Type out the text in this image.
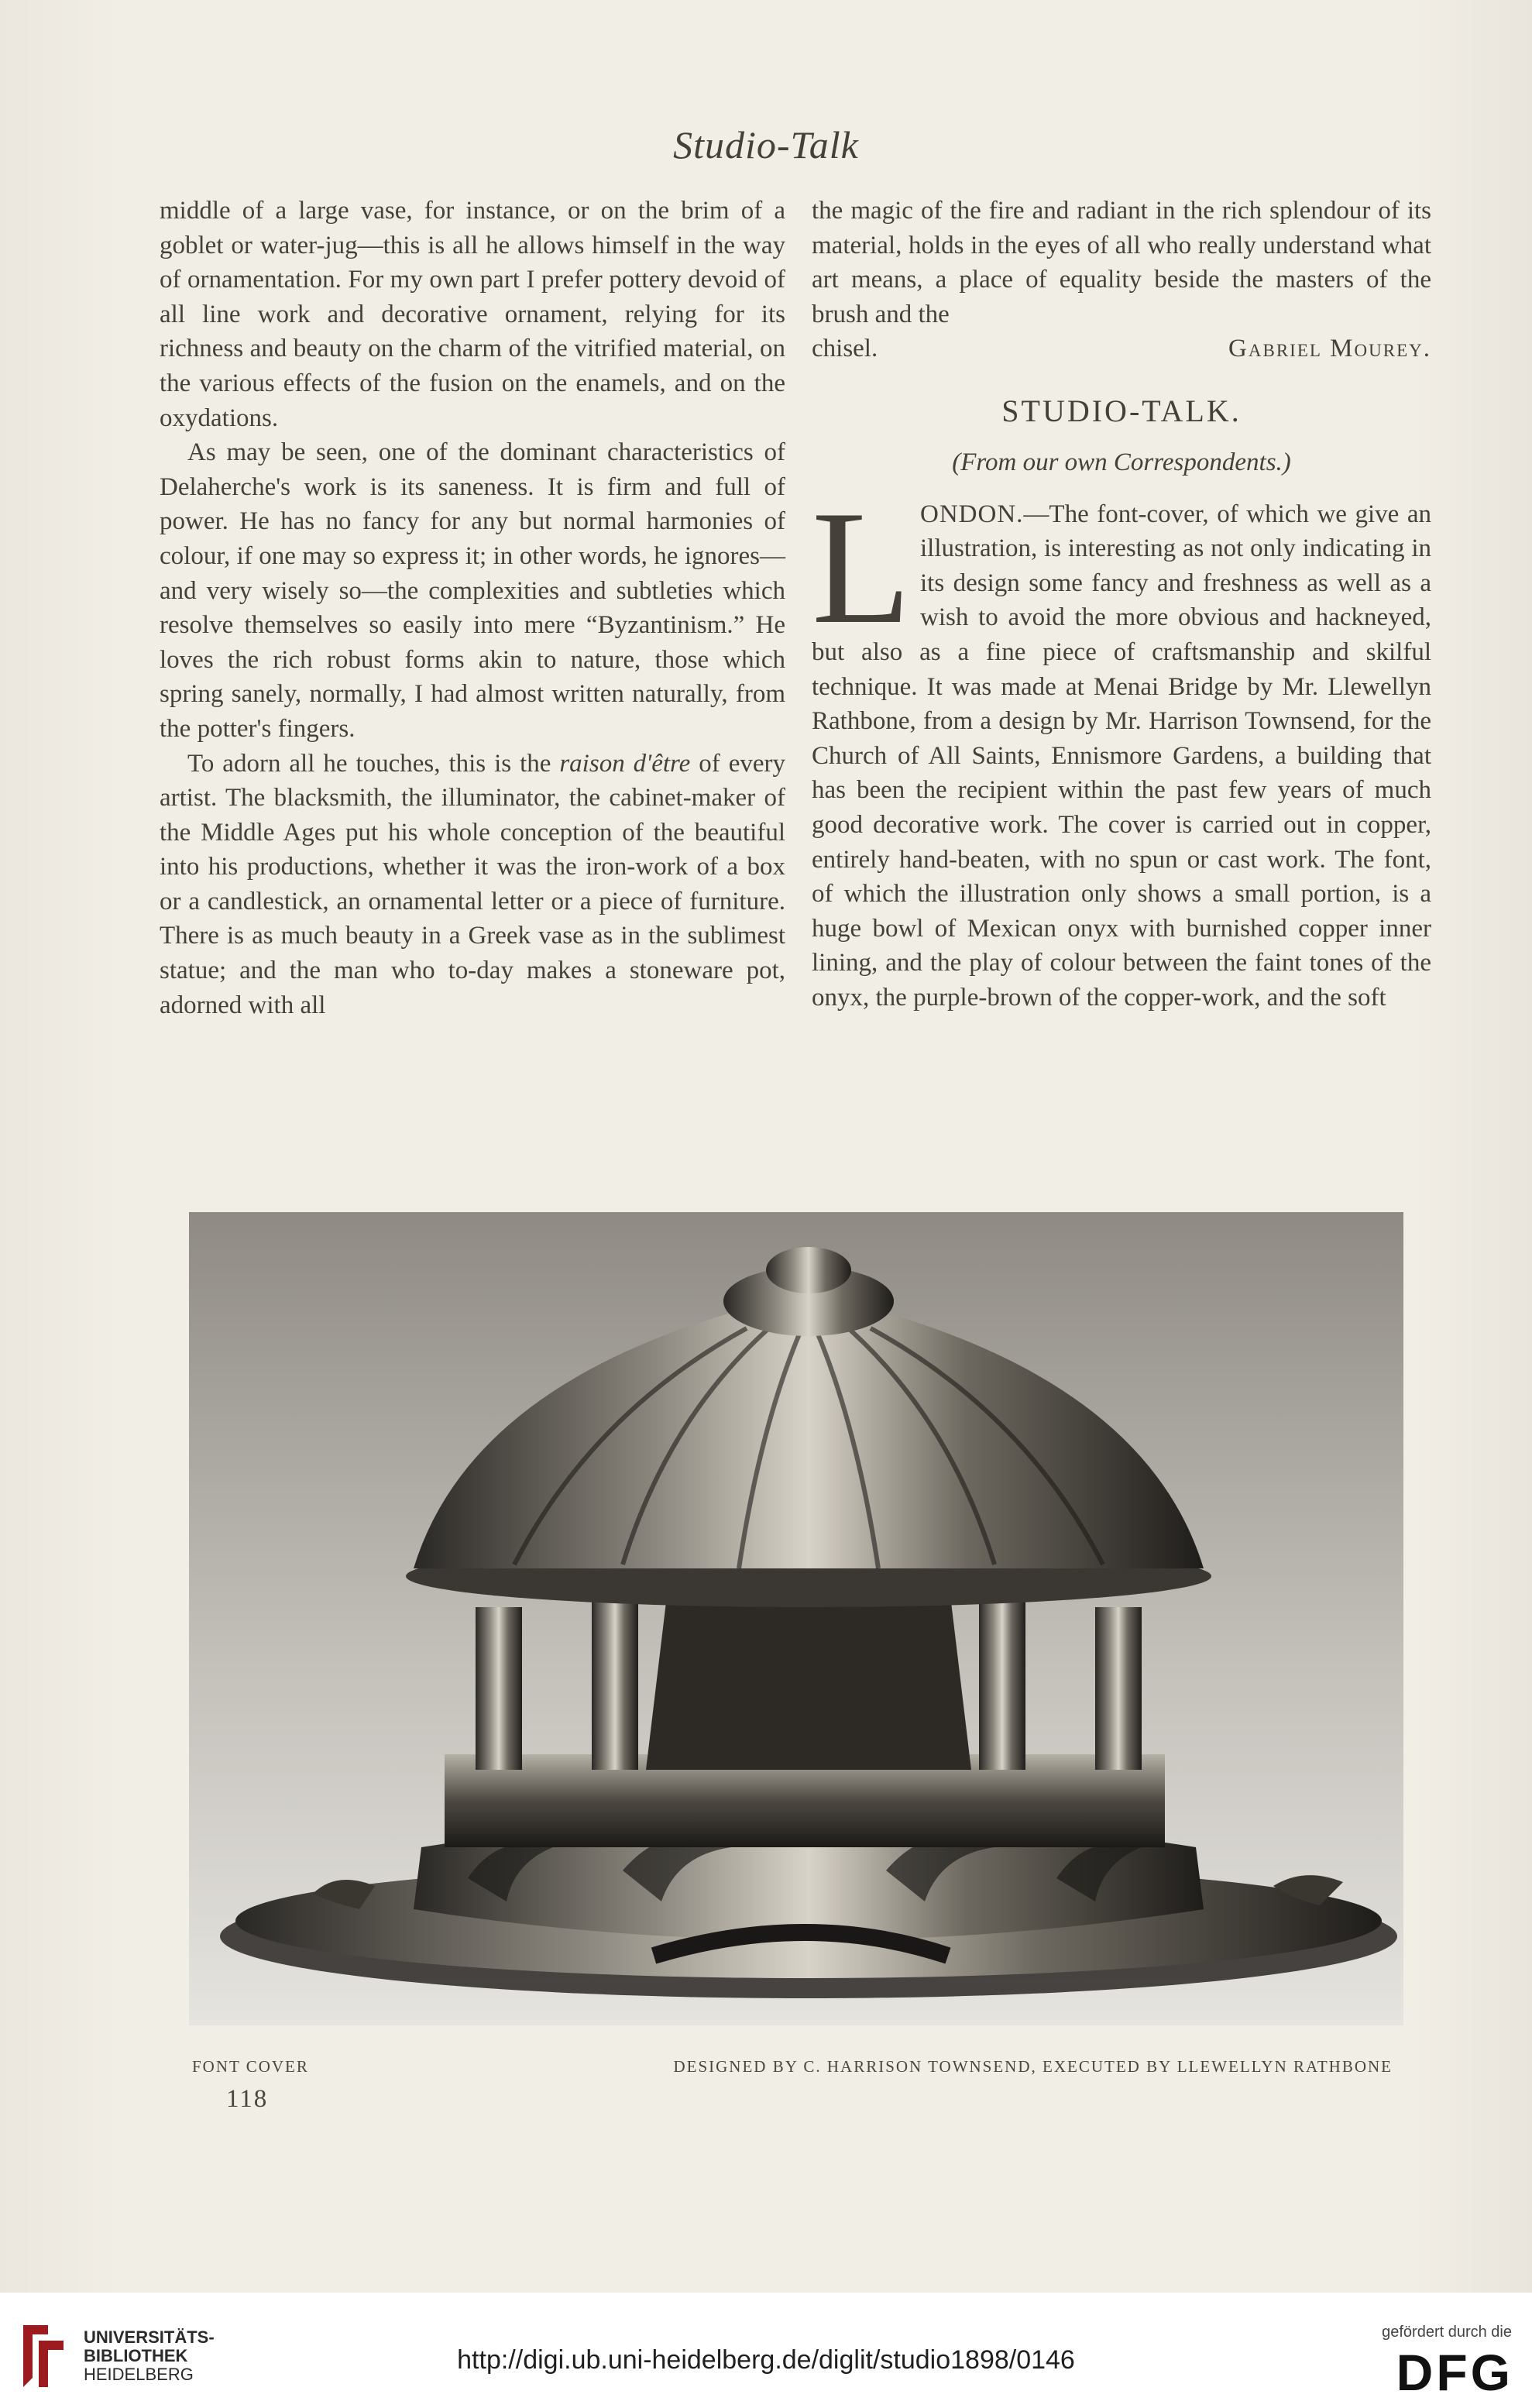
Studio-Talk

middle of a large vase, for instance, or on the brim of a goblet or water-jug—this is all he allows himself in the way of ornamentation. For my own part I prefer pottery devoid of all line work and decorative ornament, relying for its richness and beauty on the charm of the vitrified material, on the various effects of the fusion on the enamels, and on the oxydations.

As may be seen, one of the dominant characteristics of Delaherche's work is its saneness. It is firm and full of power. He has no fancy for any but normal harmonies of colour, if one may so express it; in other words, he ignores—and very wisely so—the complexities and subtleties which resolve themselves so easily into mere “Byzantinism.” He loves the rich robust forms akin to nature, those which spring sanely, normally, I had almost written naturally, from the potter's fingers.

To adorn all he touches, this is the raison d'être of every artist. The blacksmith, the illuminator, the cabinet-maker of the Middle Ages put his whole conception of the beautiful into his productions, whether it was the iron-work of a box or a candlestick, an ornamental letter or a piece of furniture. There is as much beauty in a Greek vase as in the sublimest statue; and the man who to-day makes a stoneware pot, adorned with all

the magic of the fire and radiant in the rich splendour of its material, holds in the eyes of all who really understand what art means, a place of equality beside the masters of the brush and the

chisel.	Gabriel Mourey.
STUDIO-TALK.
(From our own Correspondents.)

LONDON.—The font-cover, of which we give an illustration, is interesting as not only indicating in its design some fancy and freshness as well as a wish to avoid the more obvious and hackneyed, but also as a fine piece of craftsmanship and skilful technique. It was made at Menai Bridge by Mr. Llewellyn Rathbone, from a design by Mr. Harrison Townsend, for the Church of All Saints, Ennismore Gardens, a building that has been the recipient within the past few years of much good decorative work. The cover is carried out in copper, entirely hand-beaten, with no spun or cast work. The font, of which the illustration only shows a small portion, is a huge bowl of Mexican onyx with burnished copper inner lining, and the play of colour between the faint tones of the onyx, the purple-brown of the copper-work, and the soft

FONT COVER	DESIGNED BY C. HARRISON TOWNSEND, EXECUTED BY LLEWELLYN RATHBONE
118
UNIVERSITÄTS-
BIBLIOTHEK
HEIDELBERG	http://digi.ub.uni-heidelberg.de/diglit/studio1898/0146
gefördert durch die
DFG
